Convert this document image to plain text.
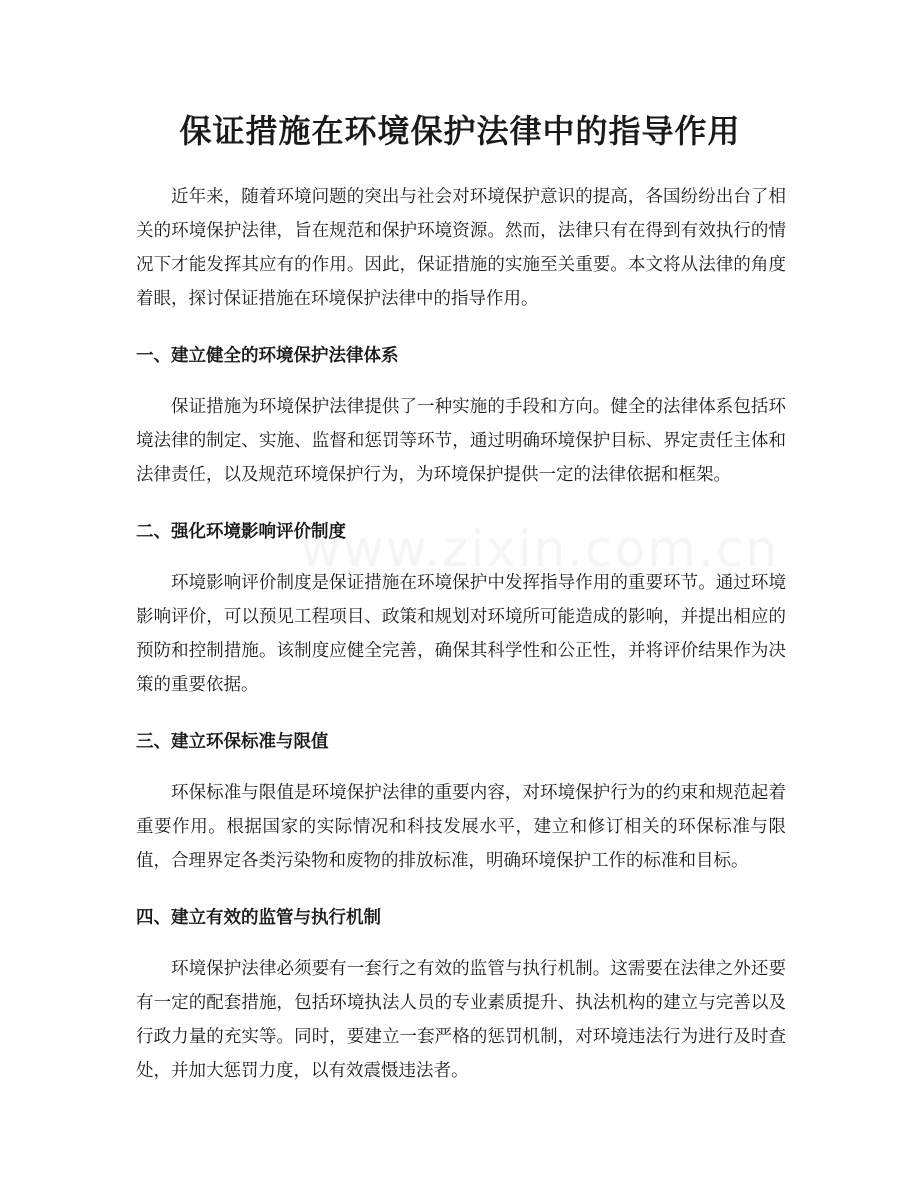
保证措施在环境保护法律中的指导作用

近年来，随着环境问题的突出与社会对环境保护意识的提高，各国纷纷出台了相关的环境保护法律，旨在规范和保护环境资源。然而，法律只有在得到有效执行的情况下才能发挥其应有的作用。因此，保证措施的实施至关重要。本文将从法律的角度着眼，探讨保证措施在环境保护法律中的指导作用。

一、建立健全的环境保护法律体系

保证措施为环境保护法律提供了一种实施的手段和方向。健全的法律体系包括环境法律的制定、实施、监督和惩罚等环节，通过明确环境保护目标、界定责任主体和法律责任，以及规范环境保护行为，为环境保护提供一定的法律依据和框架。

二、强化环境影响评价制度

环境影响评价制度是保证措施在环境保护中发挥指导作用的重要环节。通过环境影响评价，可以预见工程项目、政策和规划对环境所可能造成的影响，并提出相应的预防和控制措施。该制度应健全完善，确保其科学性和公正性，并将评价结果作为决策的重要依据。

三、建立环保标准与限值

环保标准与限值是环境保护法律的重要内容，对环境保护行为的约束和规范起着重要作用。根据国家的实际情况和科技发展水平，建立和修订相关的环保标准与限值，合理界定各类污染物和废物的排放标准，明确环境保护工作的标准和目标。

四、建立有效的监管与执行机制

环境保护法律必须要有一套行之有效的监管与执行机制。这需要在法律之外还要有一定的配套措施，包括环境执法人员的专业素质提升、执法机构的建立与完善以及行政力量的充实等。同时，要建立一套严格的惩罚机制，对环境违法行为进行及时查处，并加大惩罚力度，以有效震慑违法者。

www.zixin.com.cn
